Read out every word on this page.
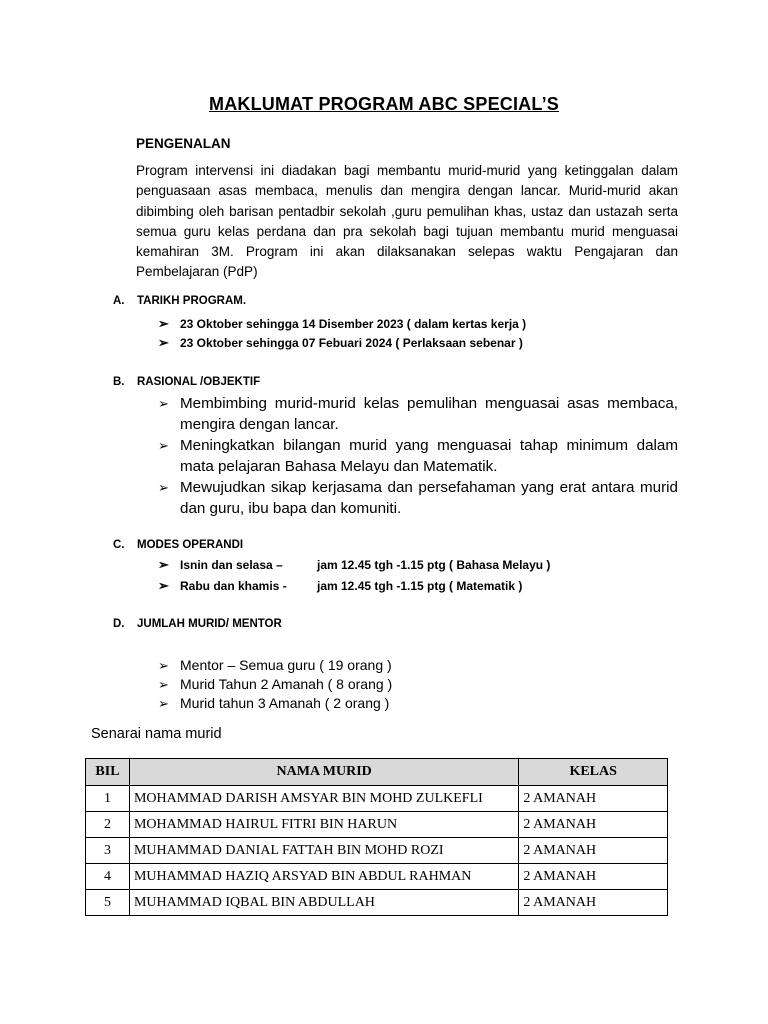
MAKLUMAT PROGRAM ABC SPECIAL’S
PENGENALAN
Program intervensi ini diadakan bagi membantu murid-murid yang ketinggalan dalam penguasaan asas membaca, menulis dan mengira dengan lancar. Murid-murid akan dibimbing oleh barisan pentadbir sekolah ,guru pemulihan khas, ustaz dan ustazah serta semua guru kelas perdana dan pra sekolah bagi tujuan membantu murid menguasai kemahiran 3M. Program ini akan dilaksanakan selepas waktu Pengajaran dan Pembelajaran (PdP)
A. TARIKH PROGRAM.
➢ 23 Oktober sehingga 14 Disember 2023 ( dalam kertas kerja )
➢ 23 Oktober sehingga 07 Febuari 2024 ( Perlaksaan sebenar )
B. RASIONAL /OBJEKTIF
➢ Membimbing murid-murid kelas pemulihan menguasai asas membaca, mengira dengan lancar.
➢ Meningkatkan bilangan murid yang menguasai tahap minimum dalam mata pelajaran Bahasa Melayu dan Matematik.
➢ Mewujudkan sikap kerjasama dan persefahaman yang erat antara murid dan guru, ibu bapa dan komuniti.
C. MODES OPERANDI
➢ Isnin dan selasa –	jam 12.45 tgh -1.15 ptg ( Bahasa Melayu )
➢ Rabu dan khamis -	jam 12.45 tgh -1.15 ptg ( Matematik )
D. JUMLAH MURID/ MENTOR
➢ Mentor – Semua guru ( 19 orang )
➢ Murid Tahun 2 Amanah ( 8 orang )
➢ Murid tahun 3 Amanah ( 2 orang )
Senarai nama murid
BIL	NAMA MURID	KELAS
1	MOHAMMAD DARISH AMSYAR BIN MOHD ZULKEFLI	2 AMANAH
2	MOHAMMAD HAIRUL FITRI BIN HARUN	2 AMANAH
3	MUHAMMAD DANIAL FATTAH BIN MOHD ROZI	2 AMANAH
4	MUHAMMAD HAZIQ ARSYAD BIN ABDUL RAHMAN	2 AMANAH
5	MUHAMMAD IQBAL BIN ABDULLAH	2 AMANAH
